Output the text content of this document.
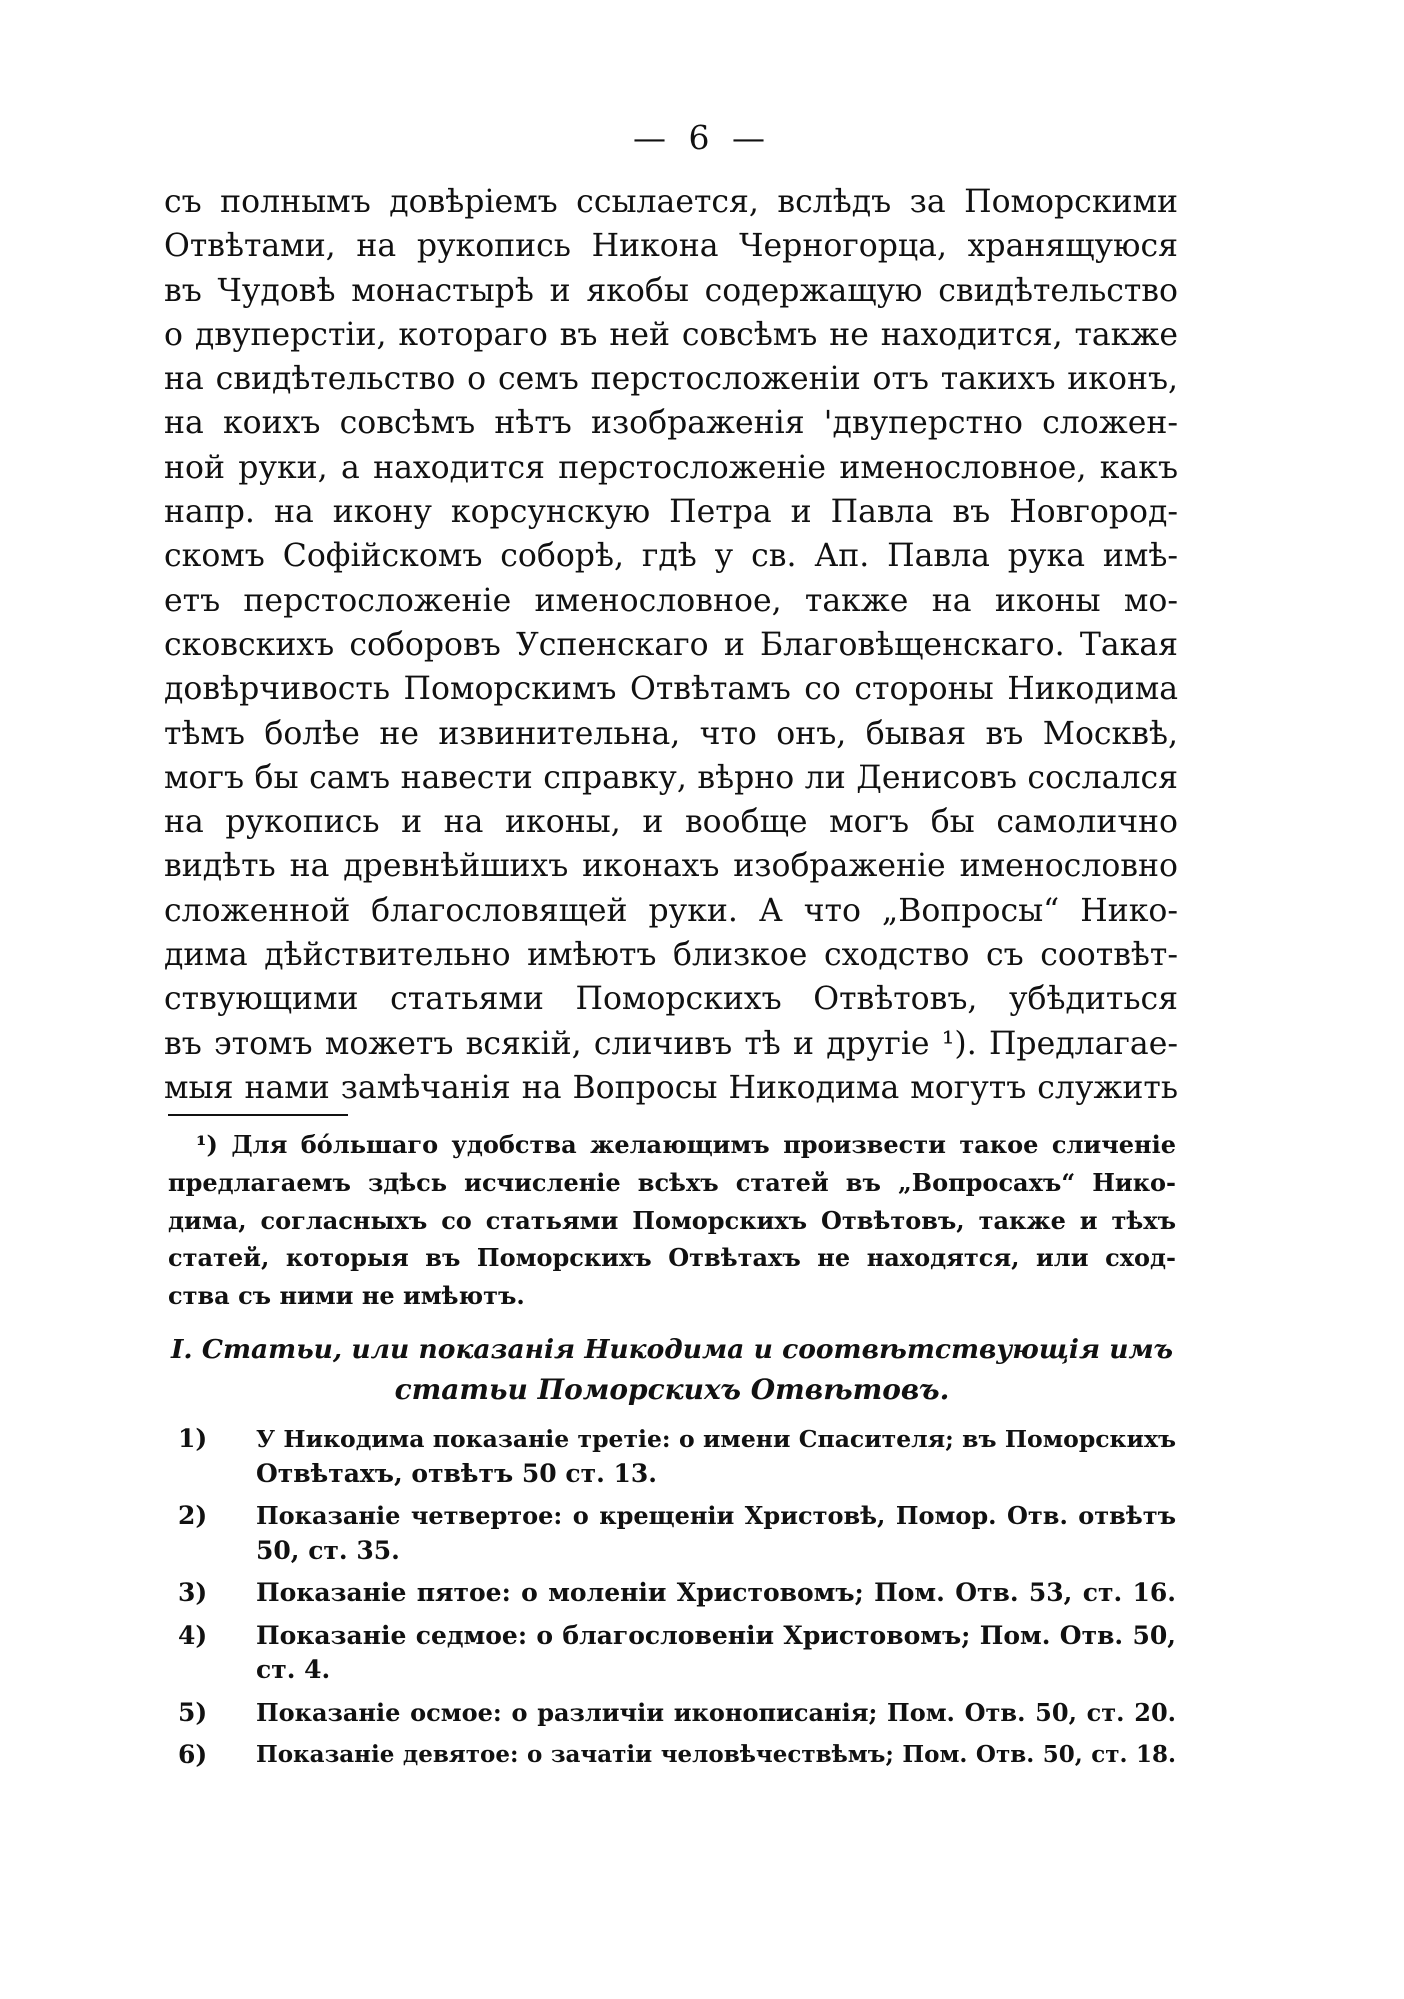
— 6 —
съ полнымъ довѣріемъ ссылается, вслѣдъ за Поморскими
Отвѣтами, на рукопись Никона Черногорца, хранящуюся
въ Чудовѣ монастырѣ и якобы содержащую свидѣтельство
о двуперстіи, котораго въ ней совсѣмъ не находится, также
на свидѣтельство о семъ перстосложеніи отъ такихъ иконъ,
на коихъ совсѣмъ нѣтъ изображенія 'двуперстно сложен-
ной руки, а находится перстосложеніе именословное, какъ
напр. на икону корсунскую Петра и Павла въ Новгород-
скомъ Софійскомъ соборѣ, гдѣ у св. Ап. Павла рука имѣ-
етъ перстосложеніе именословное, также на иконы мо-
сковскихъ соборовъ Успенскаго и Благовѣщенскаго. Такая
довѣрчивость Поморскимъ Отвѣтамъ со стороны Никодима
тѣмъ болѣе не извинительна, что онъ, бывая въ Москвѣ,
могъ бы самъ навести справку, вѣрно ли Денисовъ сослался
на рукопись и на иконы, и вообще могъ бы самолично
видѣть на древнѣйшихъ иконахъ изображеніе именословно
сложенной благословящей руки. А что „Вопросы“ Нико-
дима дѣйствительно имѣютъ близкое сходство съ соотвѣт-
ствующими статьями Поморскихъ Отвѣтовъ, убѣдиться
въ этомъ можетъ всякій, сличивъ тѣ и другіе ¹). Предлагае-
мыя нами замѣчанія на Вопросы Никодима могутъ служить
¹) Для бо́льшаго удобства желающимъ произвести такое сличеніе
предлагаемъ здѣсь исчисленіе всѣхъ статей въ „Вопросахъ“ Нико-
дима, согласныхъ со статьями Поморскихъ Отвѣтовъ, также и тѣхъ
статей, которыя въ Поморскихъ Отвѣтахъ не находятся, или сход-
ства съ ними не имѣютъ.
I. Статьи, или показанія Никодима и соотвѣтствующія имъ
статьи Поморскихъ Отвѣтовъ.
1) У Никодима показаніе третіе: о имени Спасителя; въ Поморскихъ
Отвѣтахъ, отвѣтъ 50 ст. 13.
2) Показаніе четвертое: о крещеніи Христовѣ, Помор. Отв. отвѣтъ
50, ст. 35.
3) Показаніе пятое: о моленіи Христовомъ; Пом. Отв. 53, ст. 16.
4) Показаніе седмое: о благословеніи Христовомъ; Пом. Отв. 50,
ст. 4.
5) Показаніе осмое: о различіи иконописанія; Пом. Отв. 50, ст. 20.
6) Показаніе девятое: о зачатіи человѣчествѣмъ; Пом. Отв. 50, ст. 18.
